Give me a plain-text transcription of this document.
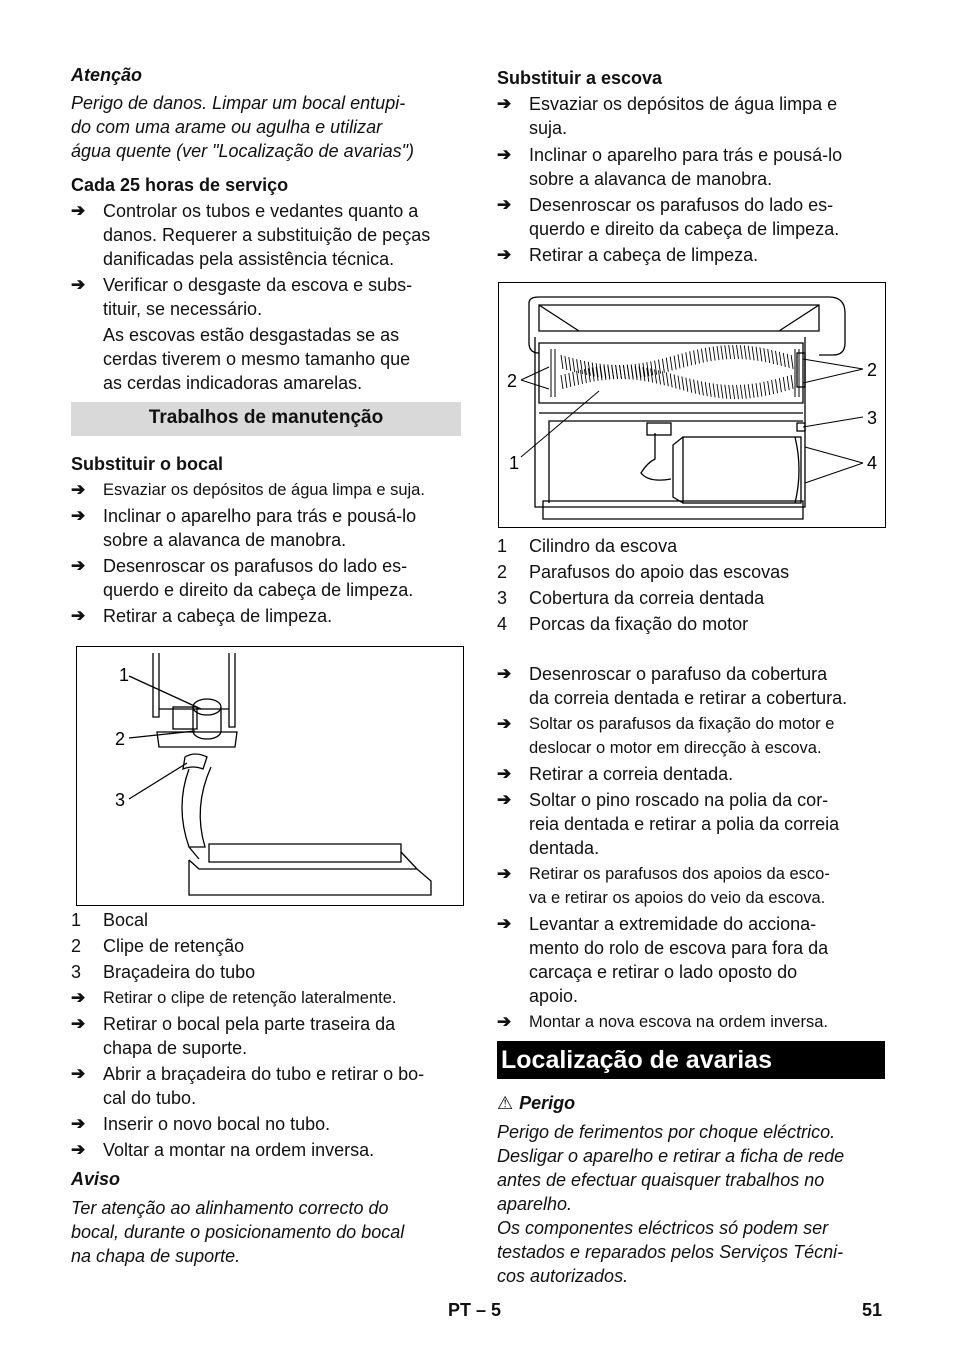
Atenção
Perigo de danos. Limpar um bocal entupi-
do com uma arame ou agulha e utilizar
água quente (ver "Localização de avarias")
Cada 25 horas de serviço
➔ Controlar os tubos e vedantes quanto a
danos. Requerer a substituição de peças
danificadas pela assistência técnica.
➔ Verificar o desgaste da escova e subs-
tituir, se necessário.
As escovas estão desgastadas se as
cerdas tiverem o mesmo tamanho que
as cerdas indicadoras amarelas.
Trabalhos de manutenção
Substituir o bocal
➔ Esvaziar os depósitos de água limpa e suja.
➔ Inclinar o aparelho para trás e pousá-lo
sobre a alavanca de manobra.
➔ Desenroscar os parafusos do lado es-
querdo e direito da cabeça de limpeza.
➔ Retirar a cabeça de limpeza.
1
2
3
1 Bocal
2 Clipe de retenção
3 Braçadeira do tubo
➔ Retirar o clipe de retenção lateralmente.
➔ Retirar o bocal pela parte traseira da
chapa de suporte.
➔ Abrir a braçadeira do tubo e retirar o bo-
cal do tubo.
➔ Inserir o novo bocal no tubo.
➔ Voltar a montar na ordem inversa.
Aviso
Ter atenção ao alinhamento correcto do
bocal, durante o posicionamento do bocal
na chapa de suporte.
Substituir a escova
➔ Esvaziar os depósitos de água limpa e
suja.
➔ Inclinar o aparelho para trás e pousá-lo
sobre a alavanca de manobra.
➔ Desenroscar os parafusos do lado es-
querdo e direito da cabeça de limpeza.
➔ Retirar a cabeça de limpeza.
2
1
2
3
4
1 Cilindro da escova
2 Parafusos do apoio das escovas
3 Cobertura da correia dentada
4 Porcas da fixação do motor
➔ Desenroscar o parafuso da cobertura
da correia dentada e retirar a cobertura.
➔ Soltar os parafusos da fixação do motor e
deslocar o motor em direcção à escova.
➔ Retirar a correia dentada.
➔ Soltar o pino roscado na polia da cor-
reia dentada e retirar a polia da correia
dentada.
➔ Retirar os parafusos dos apoios da esco-
va e retirar os apoios do veio da escova.
➔ Levantar a extremidade do acciona-
mento do rolo de escova para fora da
carcaça e retirar o lado oposto do
apoio.
➔ Montar a nova escova na ordem inversa.
Localização de avarias
⚠ Perigo
Perigo de ferimentos por choque eléctrico.
Desligar o aparelho e retirar a ficha de rede
antes de efectuar quaisquer trabalhos no
aparelho.
Os componentes eléctricos só podem ser
testados e reparados pelos Serviços Técni-
cos autorizados.
PT – 5	51
